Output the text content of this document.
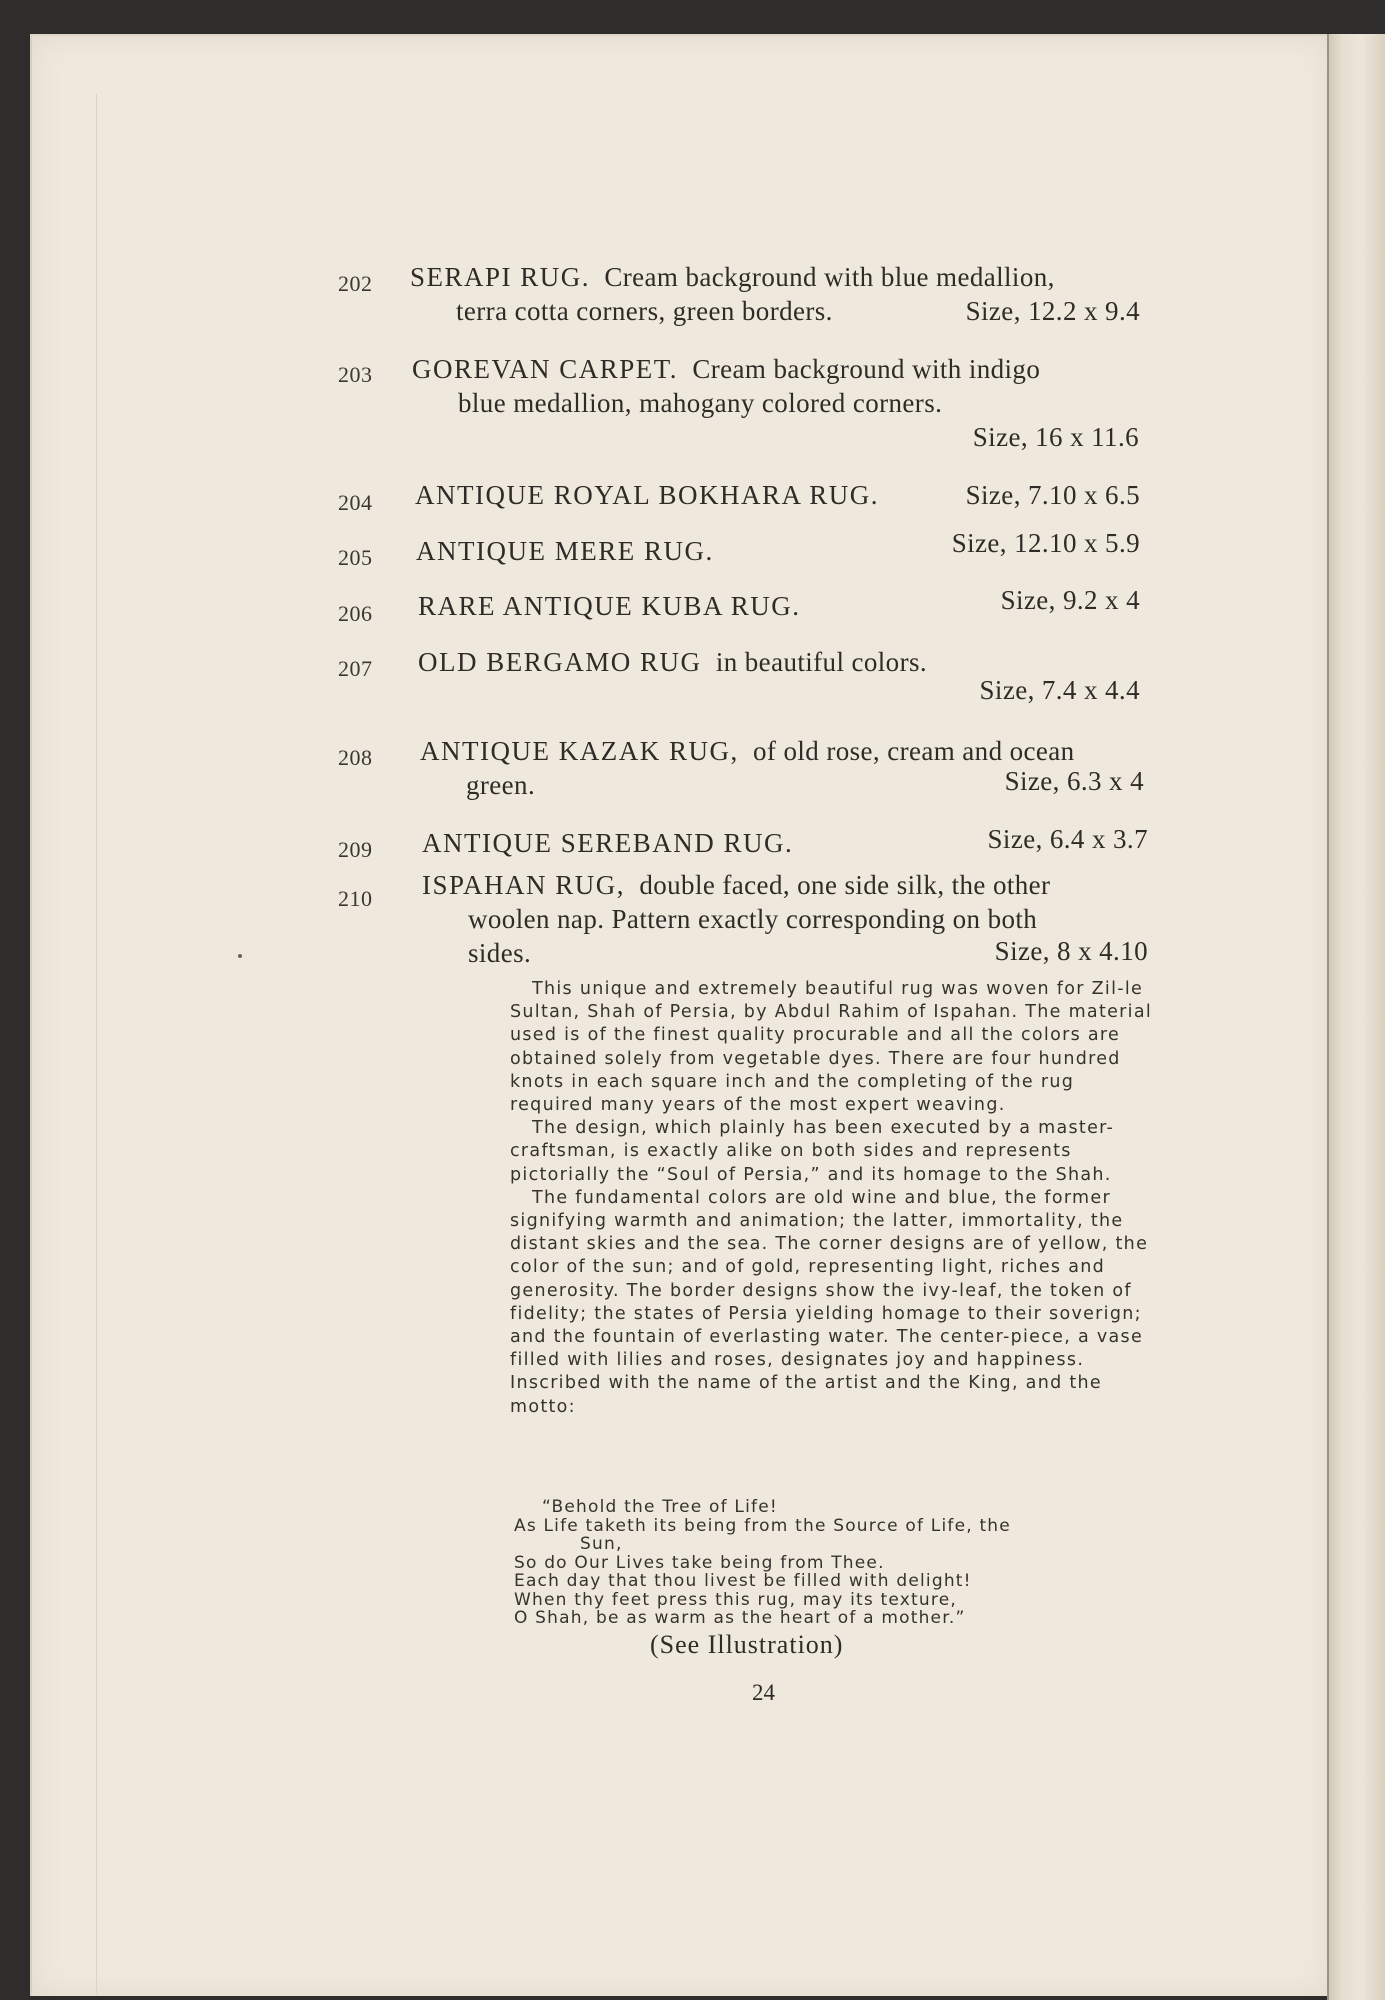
202 SERAPI RUG. Cream background with blue medallion,
terra cotta corners, green borders.	Size, 12.2 x 9.4
203 GOREVAN CARPET. Cream background with indigo
blue medallion, mahogany colored corners.
Size, 16 x 11.6
204 ANTIQUE ROYAL BOKHARA RUG.	Size, 7.10 x 6.5
205 ANTIQUE MERE RUG.	Size, 12.10 x 5.9
206 RARE ANTIQUE KUBA RUG.	Size, 9.2 x 4
207 OLD BERGAMO RUG in beautiful colors.
Size, 7.4 x 4.4
208 ANTIQUE KAZAK RUG, of old rose, cream and ocean
green.	Size, 6.3 x 4
209 ANTIQUE SEREBAND RUG.	Size, 6.4 x 3.7
210 ISPAHAN RUG, double faced, one side silk, the other
woolen nap. Pattern exactly corresponding on both
sides.	Size, 8 x 4.10

This unique and extremely beautiful rug was woven for Zil-le Sultan, Shah of Persia, by Abdul Rahim of Ispahan. The material used is of the finest quality procurable and all the colors are obtained solely from vegetable dyes. There are four hundred knots in each square inch and the completing of the rug required many years of the most expert weaving.

The design, which plainly has been executed by a master-craftsman, is exactly alike on both sides and represents pictorially the “Soul of Persia,” and its homage to the Shah.

The fundamental colors are old wine and blue, the former signifying warmth and animation; the latter, immortality, the distant skies and the sea. The corner designs are of yellow, the color of the sun; and of gold, representing light, riches and generosity. The border designs show the ivy-leaf, the token of fidelity; the states of Persia yielding homage to their soverign; and the fountain of everlasting water. The center-piece, a vase filled with lilies and roses, designates joy and happiness. Inscribed with the name of the artist and the King, and the motto:

“Behold the Tree of Life!
As Life taketh its being from the Source of Life, the
Sun,
So do Our Lives take being from Thee.
Each day that thou livest be filled with delight!
When thy feet press this rug, may its texture,
O Shah, be as warm as the heart of a mother.”
(See Illustration)
24
